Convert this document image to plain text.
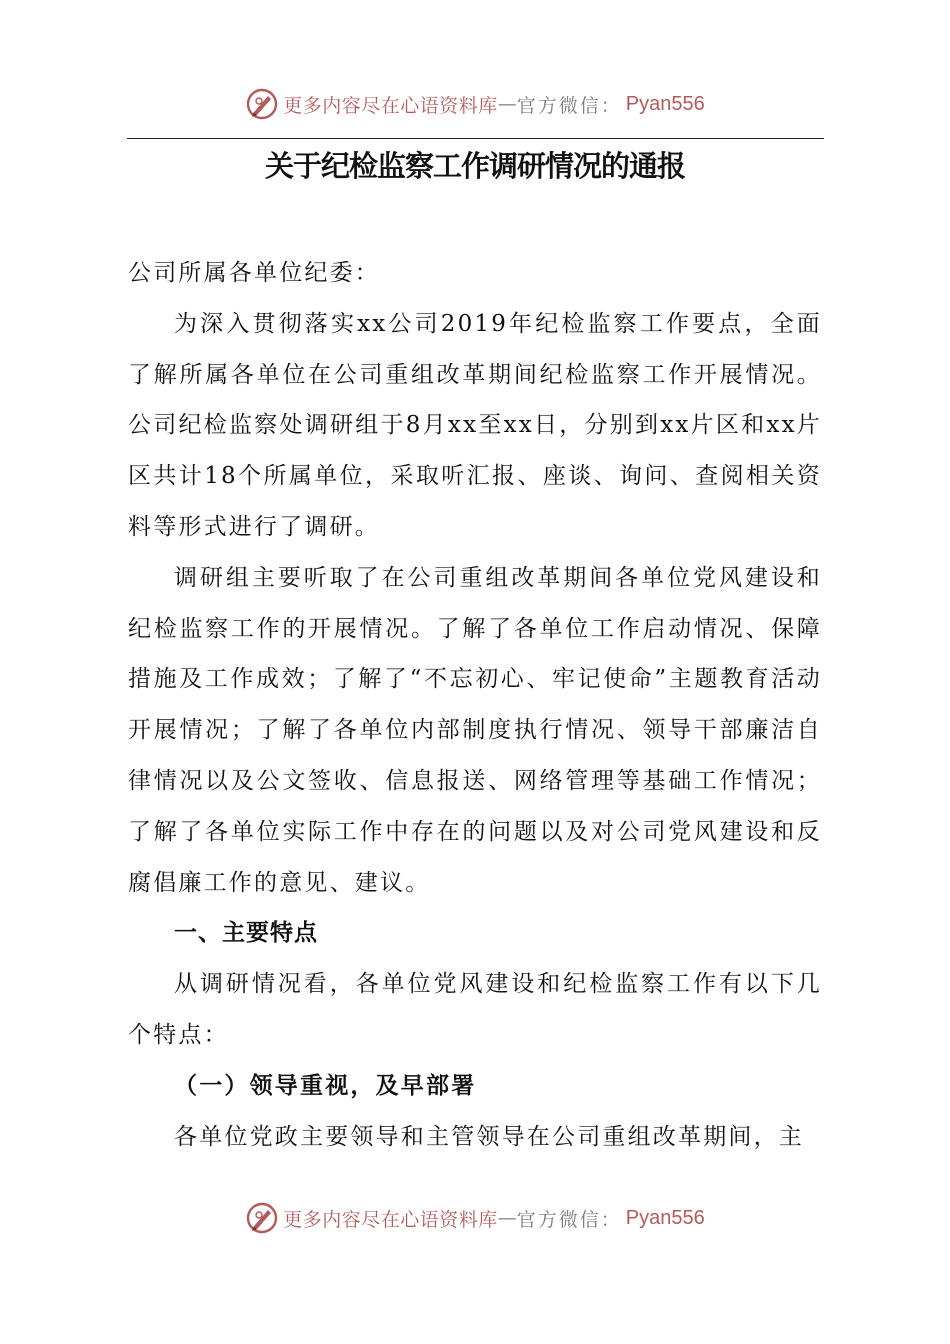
更多内容尽在心语资料库 — 官方微信： Pyan556
关于纪检监察工作调研情况的通报

公司所属各单位纪委：

为深入贯彻落实xx公司2019年纪检监察工作要点，全面了解所属各单位在公司重组改革期间纪检监察工作开展情况。公司纪检监察处调研组于8月xx至xx日，分别到xx片区和xx片区共计18个所属单位，采取听汇报、座谈、询问、查阅相关资料等形式进行了调研。

调研组主要听取了在公司重组改革期间各单位党风建设和纪检监察工作的开展情况。了解了各单位工作启动情况、保障措施及工作成效；了解了“不忘初心、牢记使命”主题教育活动开展情况；了解了各单位内部制度执行情况、领导干部廉洁自律情况以及公文签收、信息报送、网络管理等基础工作情况；了解了各单位实际工作中存在的问题以及对公司党风建设和反腐倡廉工作的意见、建议。

一、主要特点

从调研情况看，各单位党风建设和纪检监察工作有以下几个特点：

（一）领导重视，及早部署

各单位党政主要领导和主管领导在公司重组改革期间，主

更多内容尽在心语资料库 — 官方微信： Pyan556
